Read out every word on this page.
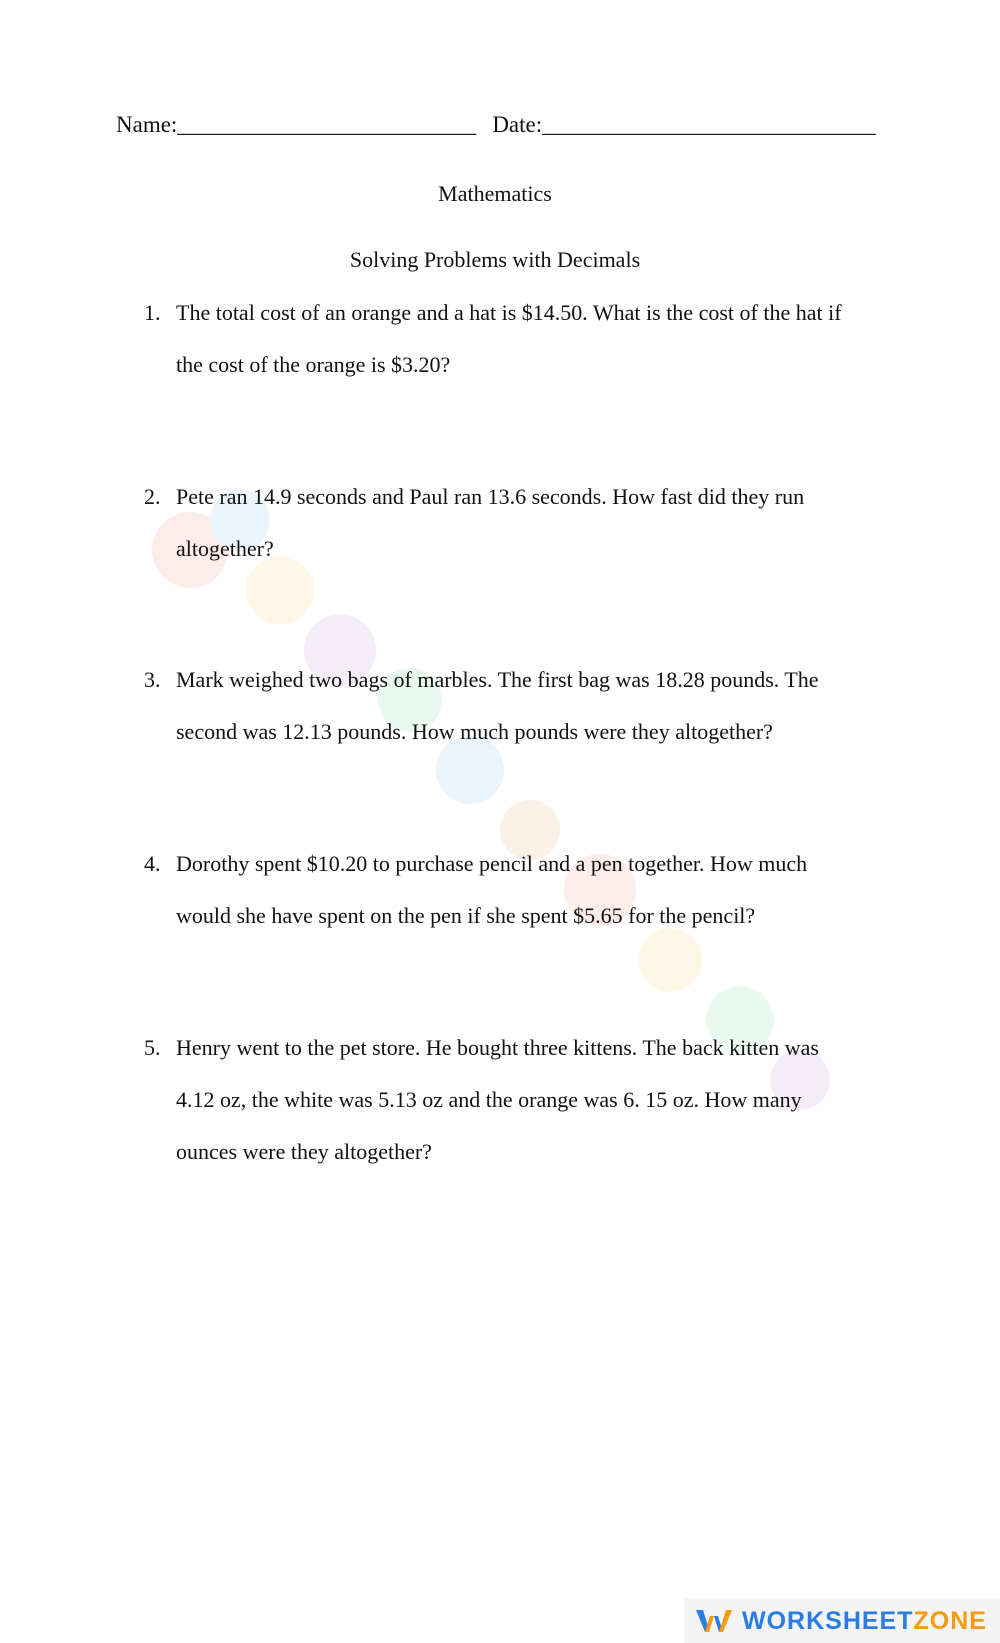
Name:__________________________ Date:_____________________________
Mathematics
Solving Problems with Decimals
1. The total cost of an orange and a hat is $14.50. What is the cost of the hat if
the cost of the orange is $3.20?
2. Pete ran 14.9 seconds and Paul ran 13.6 seconds. How fast did they run
altogether?
3. Mark weighed two bags of marbles. The first bag was 18.28 pounds. The
second was 12.13 pounds. How much pounds were they altogether?
4. Dorothy spent $10.20 to purchase pencil and a pen together. How much
would she have spent on the pen if she spent $5.65 for the pencil?
5. Henry went to the pet store. He bought three kittens. The back kitten was
4.12 oz, the white was 5.13 oz and the orange was 6. 15 oz. How many
ounces were they altogether?
WORKSHEETZONE
